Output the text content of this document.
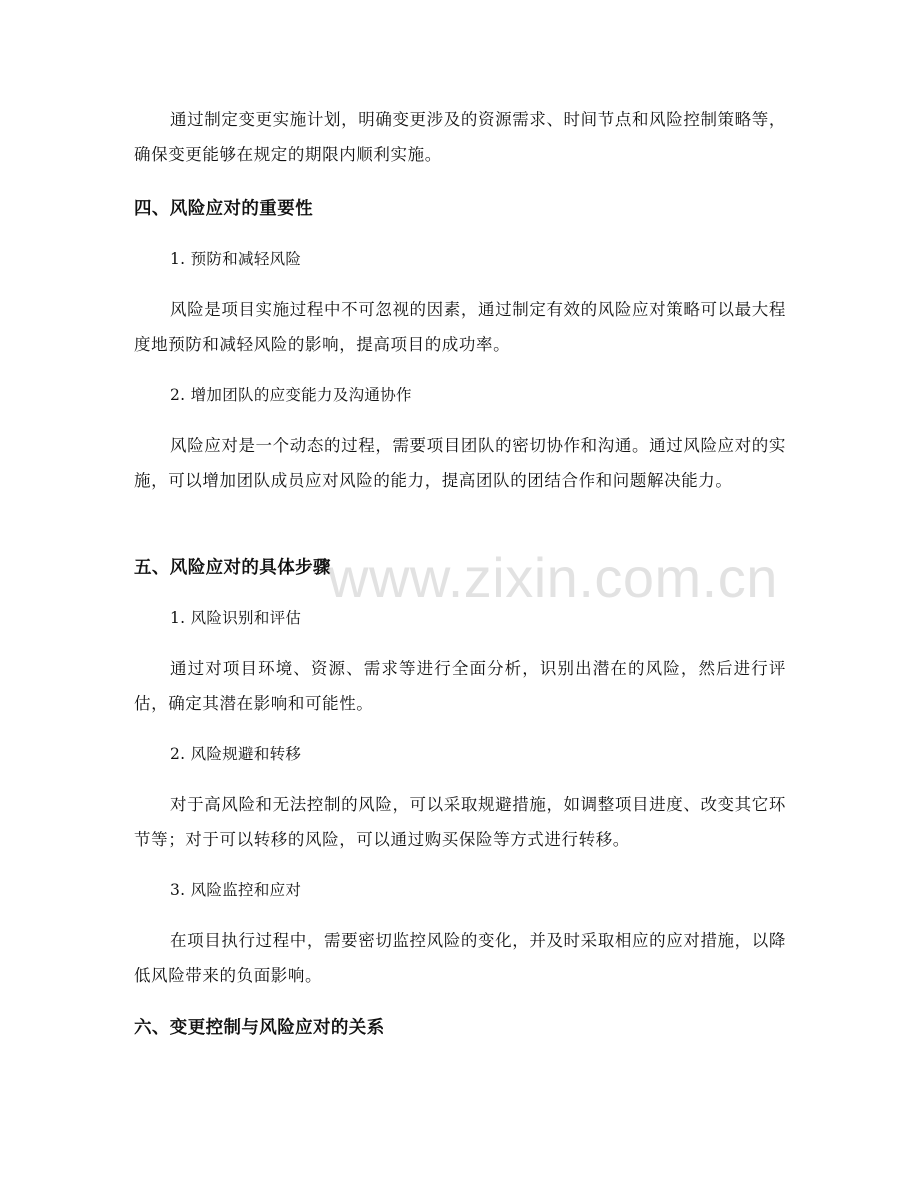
通过制定变更实施计划，明确变更涉及的资源需求、时间节点和风险控制策略等，确保变更能够在规定的期限内顺利实施。
四、风险应对的重要性
1. 预防和减轻风险
风险是项目实施过程中不可忽视的因素，通过制定有效的风险应对策略可以最大程度地预防和减轻风险的影响，提高项目的成功率。
2. 增加团队的应变能力及沟通协作
风险应对是一个动态的过程，需要项目团队的密切协作和沟通。通过风险应对的实施，可以增加团队成员应对风险的能力，提高团队的团结合作和问题解决能力。
五、风险应对的具体步骤
1. 风险识别和评估
通过对项目环境、资源、需求等进行全面分析，识别出潜在的风险，然后进行评估，确定其潜在影响和可能性。
2. 风险规避和转移
对于高风险和无法控制的风险，可以采取规避措施，如调整项目进度、改变其它环节等；对于可以转移的风险，可以通过购买保险等方式进行转移。
3. 风险监控和应对
在项目执行过程中，需要密切监控风险的变化，并及时采取相应的应对措施，以降低风险带来的负面影响。
六、变更控制与风险应对的关系
www.zixin.com.cn
